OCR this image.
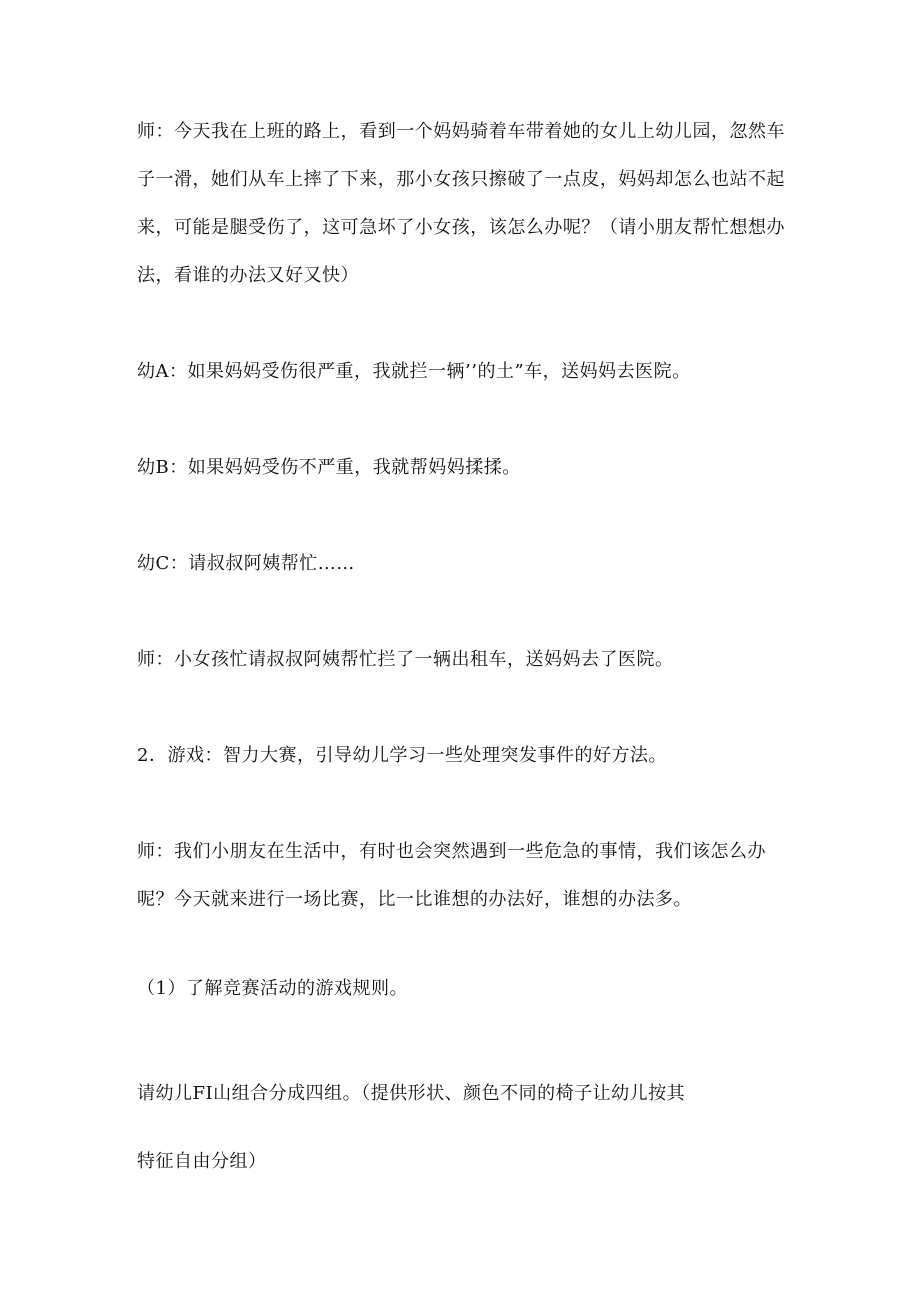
师：今天我在上班的路上，看到一个妈妈骑着车带着她的女儿上幼儿园，忽然车子一滑，她们从车上摔了下来，那小女孩只擦破了一点皮，妈妈却怎么也站不起来，可能是腿受伤了，这可急坏了小女孩，该怎么办呢？（请小朋友帮忙想想办法，看谁的办法又好又快）

幼A：如果妈妈受伤很严重，我就拦一辆’’的土”车，送妈妈去医院。

幼B：如果妈妈受伤不严重，我就帮妈妈揉揉。

幼C：请叔叔阿姨帮忙……

师：小女孩忙请叔叔阿姨帮忙拦了一辆出租车，送妈妈去了医院。

2．游戏：智力大赛，引导幼儿学习一些处理突发事件的好方法。

师：我们小朋友在生活中，有时也会突然遇到一些危急的事情，我们该怎么办呢？今天就来进行一场比赛，比一比谁想的办法好，谁想的办法多。

（1）了解竞赛活动的游戏规则。

请幼儿FI山组合分成四组。（提供形状、颜色不同的椅子让幼儿按其

特征自由分组）
